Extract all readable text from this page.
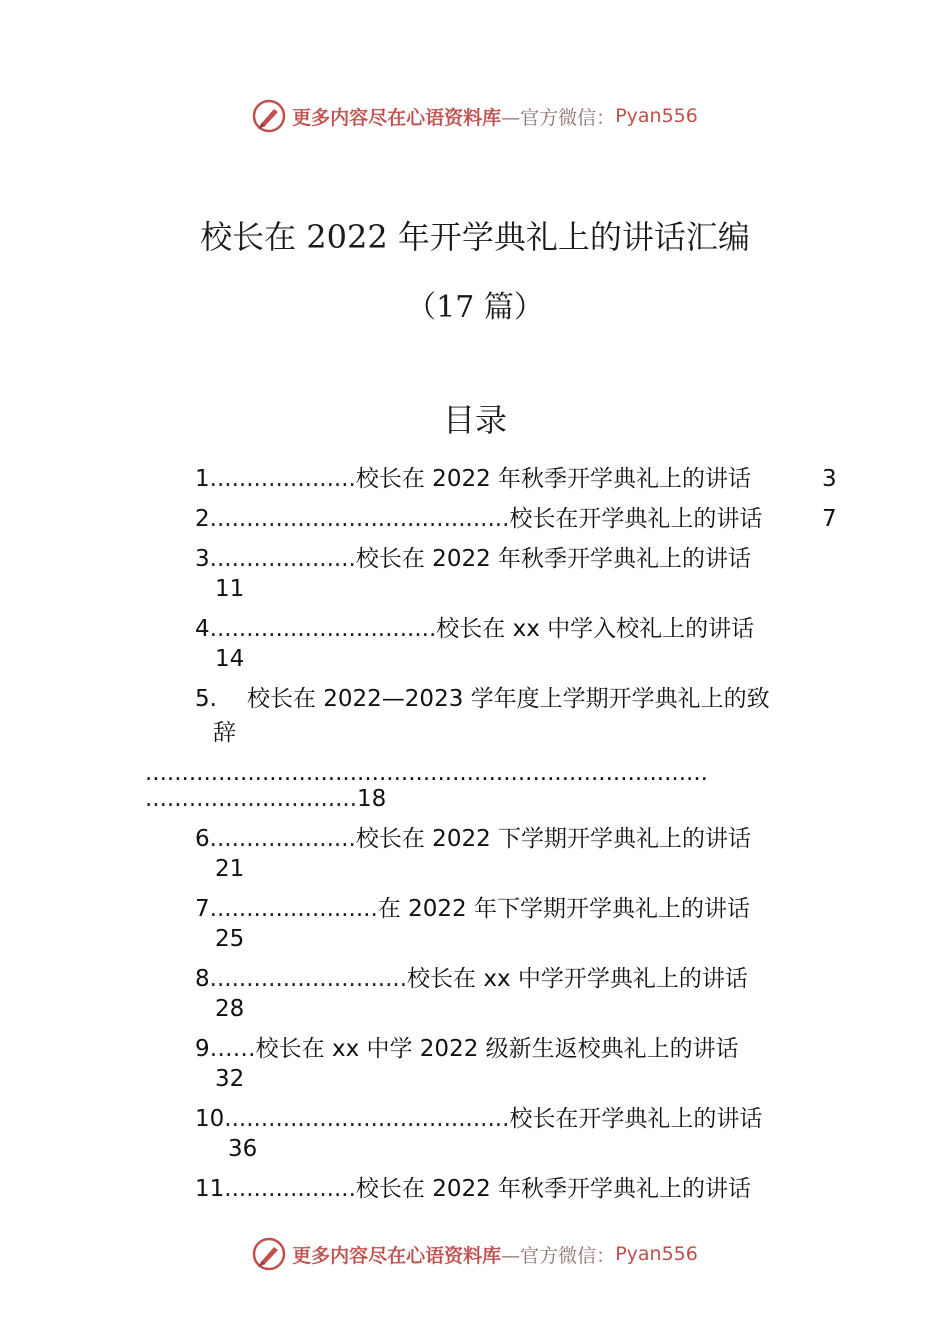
更多内容尽在心语资料库 —官方微信： Pyan556
校长在 2022 年开学典礼上的讲话汇编
（17 篇）
目录
1....................校长在 2022 年秋季开学典礼上的讲话	3
2.........................................校长在开学典礼上的讲话	7
3....................校长在 2022 年秋季开学典礼上的讲话
11
4...............................校长在 xx 中学入校礼上的讲话
14
5. 校长在 2022—2023 学年度上学期开学典礼上的致
辞
.............................................................................
.............................18
6....................校长在 2022 下学期开学典礼上的讲话
21
7.......................在 2022 年下学期开学典礼上的讲话
25
8...........................校长在 xx 中学开学典礼上的讲话
28
9……校长在 xx 中学 2022 级新生返校典礼上的讲话
32
10.......................................校长在开学典礼上的讲话
36
11..................校长在 2022 年秋季开学典礼上的讲话
更多内容尽在心语资料库 —官方微信： Pyan556
